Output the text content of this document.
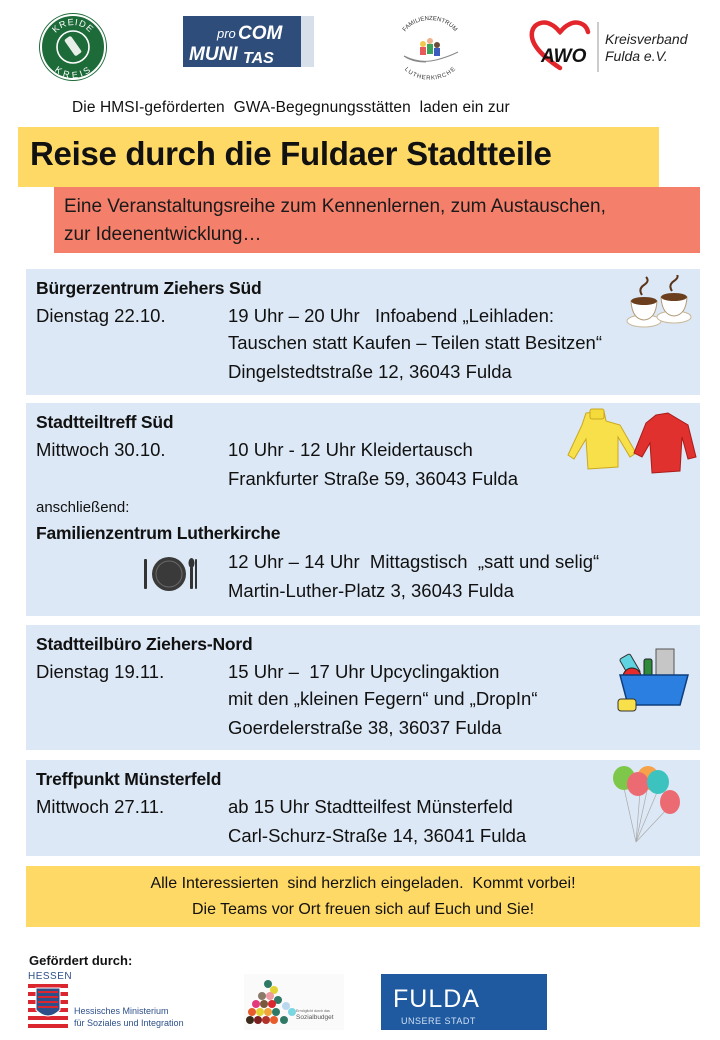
KREIDE
KREIS
pro COM
MUNI TAS
FAMILIENZENTRUM
LUTHERKIRCHE
AWO
Kreisverband
Fulda e.V.
Die HMSI-geförderten  GWA-Begegnungsstätten  laden ein zur
Reise durch die Fuldaer Stadtteile
Eine Veranstaltungsreihe zum Kennenlernen, zum Austauschen,
zur Ideenentwicklung…
Bürgerzentrum Ziehers Süd
Dienstag 22.10.	19 Uhr – 20 Uhr   Infoabend „Leihladen:
Tauschen statt Kaufen – Teilen statt Besitzen“
Dingelstedtstraße 12, 36043 Fulda
Stadtteiltreff Süd
Mittwoch 30.10.	10 Uhr - 12 Uhr Kleidertausch
Frankfurter Straße 59, 36043 Fulda
anschließend:
Familienzentrum Lutherkirche
12 Uhr – 14 Uhr  Mittagstisch  „satt und selig“
Martin-Luther-Platz 3, 36043 Fulda
Stadtteilbüro Ziehers-Nord
Dienstag 19.11.	15 Uhr –  17 Uhr Upcyclingaktion
mit den „kleinen Fegern“ und „DropIn“
Goerdelerstraße 38, 36037 Fulda
Treffpunkt Münsterfeld
Mittwoch 27.11.	ab 15 Uhr Stadtteilfest Münsterfeld
Carl-Schurz-Straße 14, 36041 Fulda
Alle Interessierten  sind herzlich eingeladen.  Kommt vorbei!
Die Teams vor Ort freuen sich auf Euch und Sie!
Gefördert durch:
HESSEN
Hessisches Ministerium
für Soziales und Integration
Ermöglicht durch das
Sozialbudget
FULDA
UNSERE STADT
